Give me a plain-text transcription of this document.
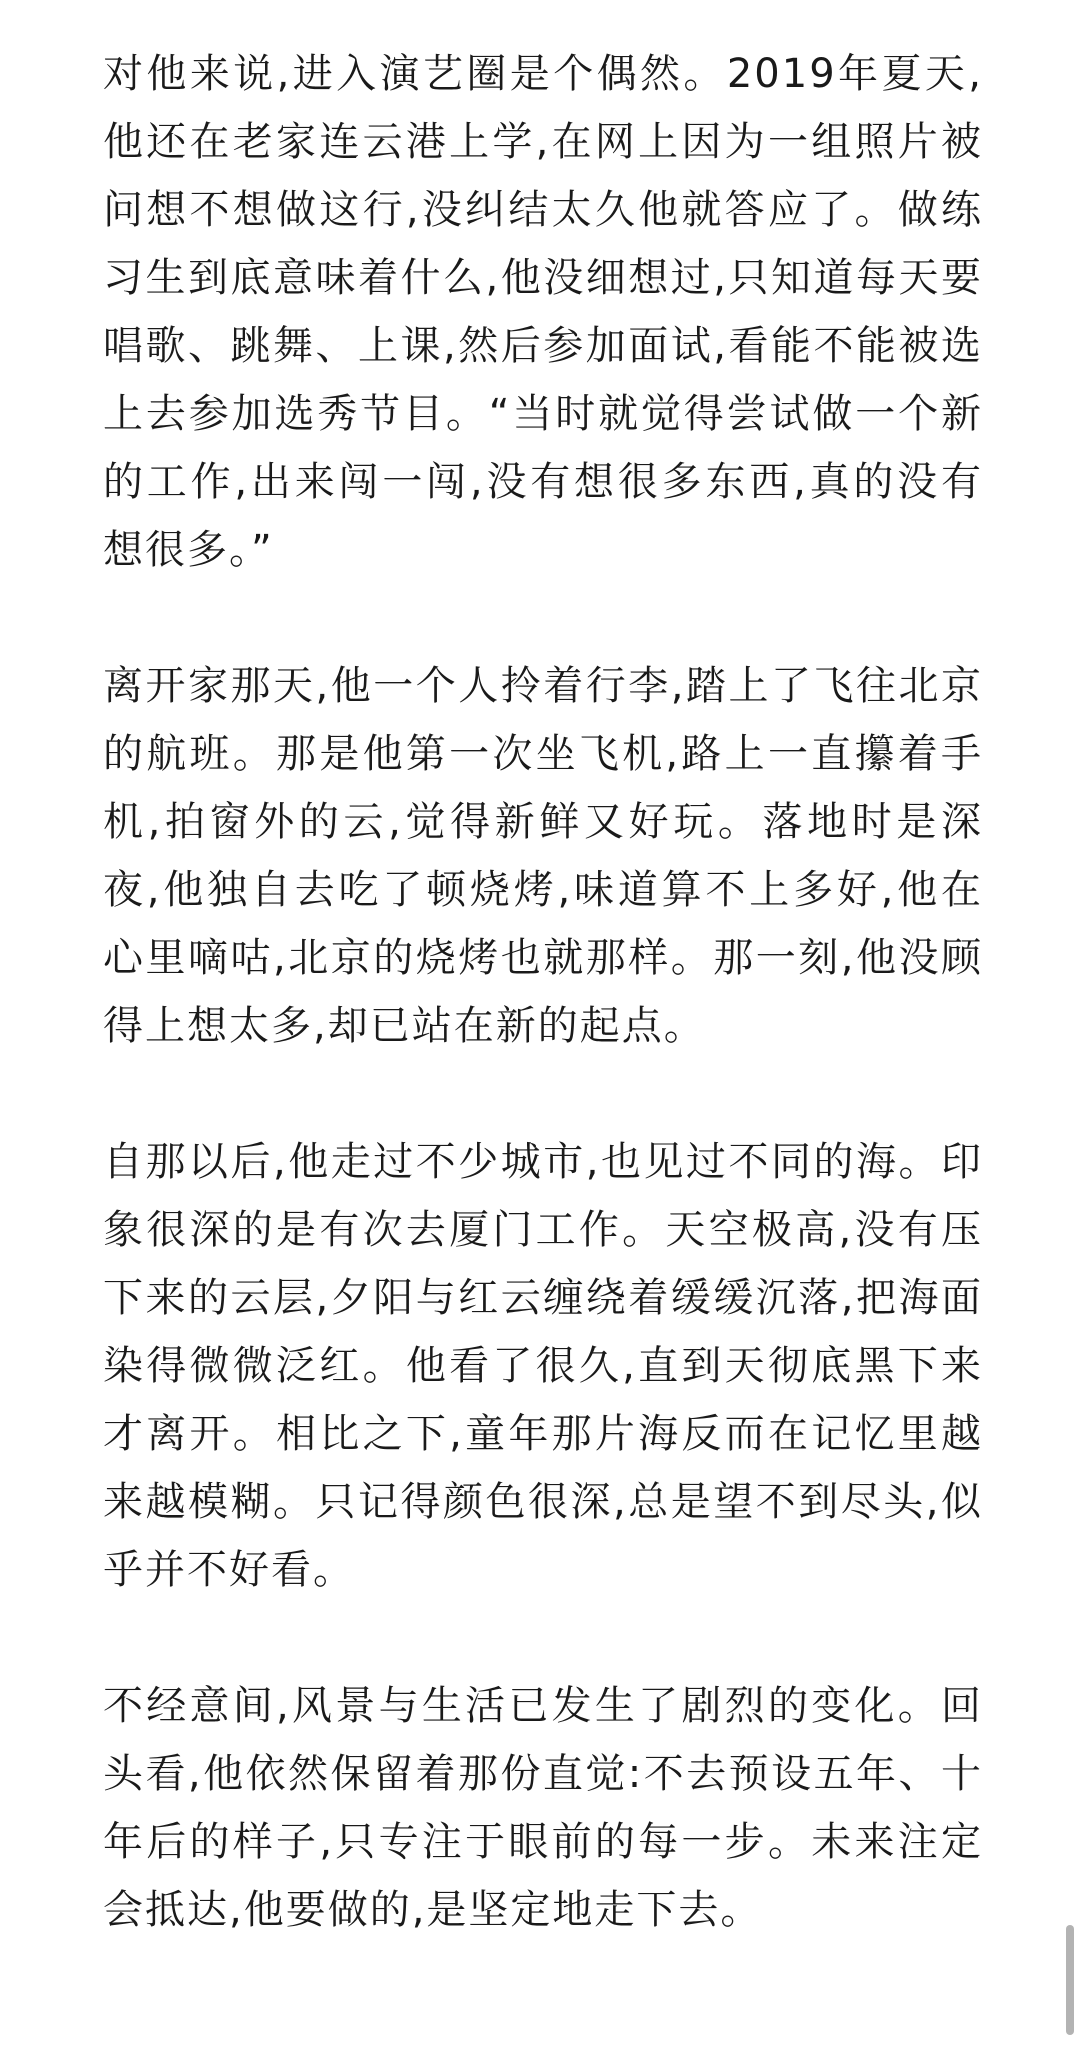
对他来说,进入演艺圈是个偶然。2019年夏天,他还在老家连云港上学,在网上因为一组照片被问想不想做这行,没纠结太久他就答应了。做练习生到底意味着什么,他没细想过,只知道每天要唱歌、跳舞、上课,然后参加面试,看能不能被选上去参加选秀节目。“当时就觉得尝试做一个新的工作,出来闯一闯,没有想很多东西,真的没有想很多。”

离开家那天,他一个人拎着行李,踏上了飞往北京的航班。那是他第一次坐飞机,路上一直攥着手机,拍窗外的云,觉得新鲜又好玩。落地时是深夜,他独自去吃了顿烧烤,味道算不上多好,他在心里嘀咕,北京的烧烤也就那样。那一刻,他没顾得上想太多,却已站在新的起点。

自那以后,他走过不少城市,也见过不同的海。印象很深的是有次去厦门工作。天空极高,没有压下来的云层,夕阳与红云缠绕着缓缓沉落,把海面染得微微泛红。他看了很久,直到天彻底黑下来才离开。相比之下,童年那片海反而在记忆里越来越模糊。只记得颜色很深,总是望不到尽头,似乎并不好看。

不经意间,风景与生活已发生了剧烈的变化。回头看,他依然保留着那份直觉:不去预设五年、十年后的样子,只专注于眼前的每一步。未来注定会抵达,他要做的,是坚定地走下去。
